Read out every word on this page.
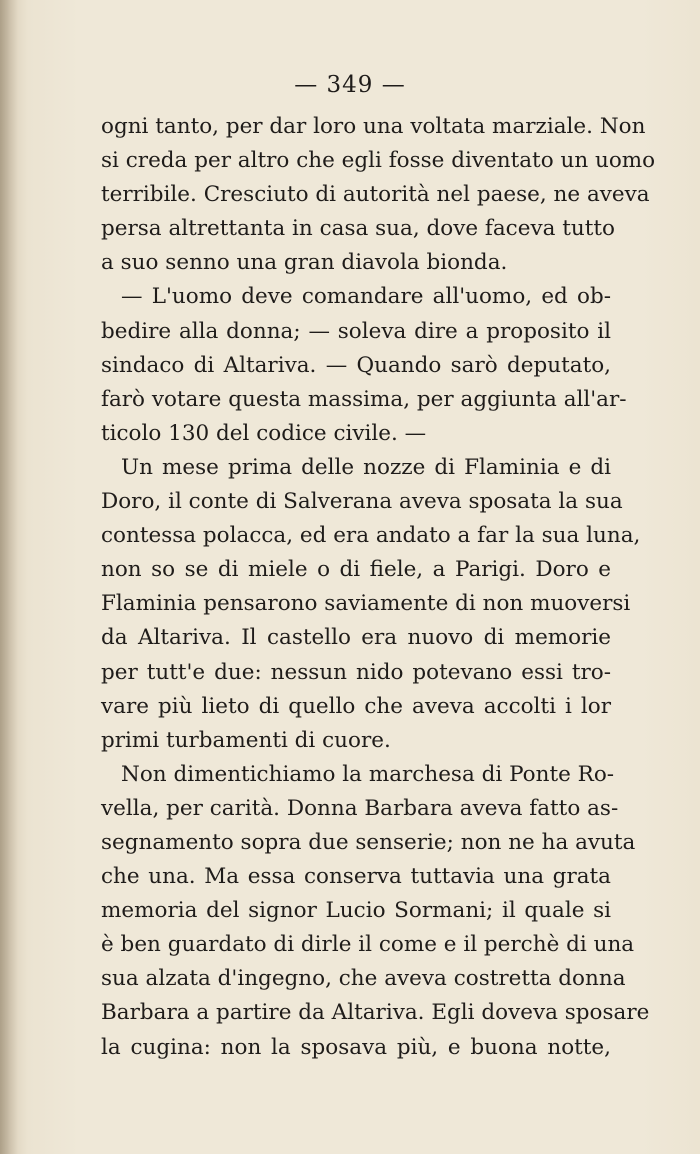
— 349 —
ogni tanto, per dar loro una voltata marziale. Non
si creda per altro che egli fosse diventato un uomo
terribile. Cresciuto di autorità nel paese, ne aveva
persa altrettanta in casa sua, dove faceva tutto
a suo senno una gran diavola bionda.
— L'uomo deve comandare all'uomo, ed ob-
bedire alla donna; — soleva dire a proposito il
sindaco di Altariva. — Quando sarò deputato,
farò votare questa massima, per aggiunta all'ar-
ticolo 130 del codice civile. —
Un mese prima delle nozze di Flaminia e di
Doro, il conte di Salverana aveva sposata la sua
contessa polacca, ed era andato a far la sua luna,
non so se di miele o di fiele, a Parigi. Doro e
Flaminia pensarono saviamente di non muoversi
da Altariva. Il castello era nuovo di memorie
per tutt'e due: nessun nido potevano essi tro-
vare più lieto di quello che aveva accolti i lor
primi turbamenti di cuore.
Non dimentichiamo la marchesa di Ponte Ro-
vella, per carità. Donna Barbara aveva fatto as-
segnamento sopra due senserie; non ne ha avuta
che una. Ma essa conserva tuttavia una grata
memoria del signor Lucio Sormani; il quale si
è ben guardato di dirle il come e il perchè di una
sua alzata d'ingegno, che aveva costretta donna
Barbara a partire da Altariva. Egli doveva sposare
la cugina: non la sposava più, e buona notte,
